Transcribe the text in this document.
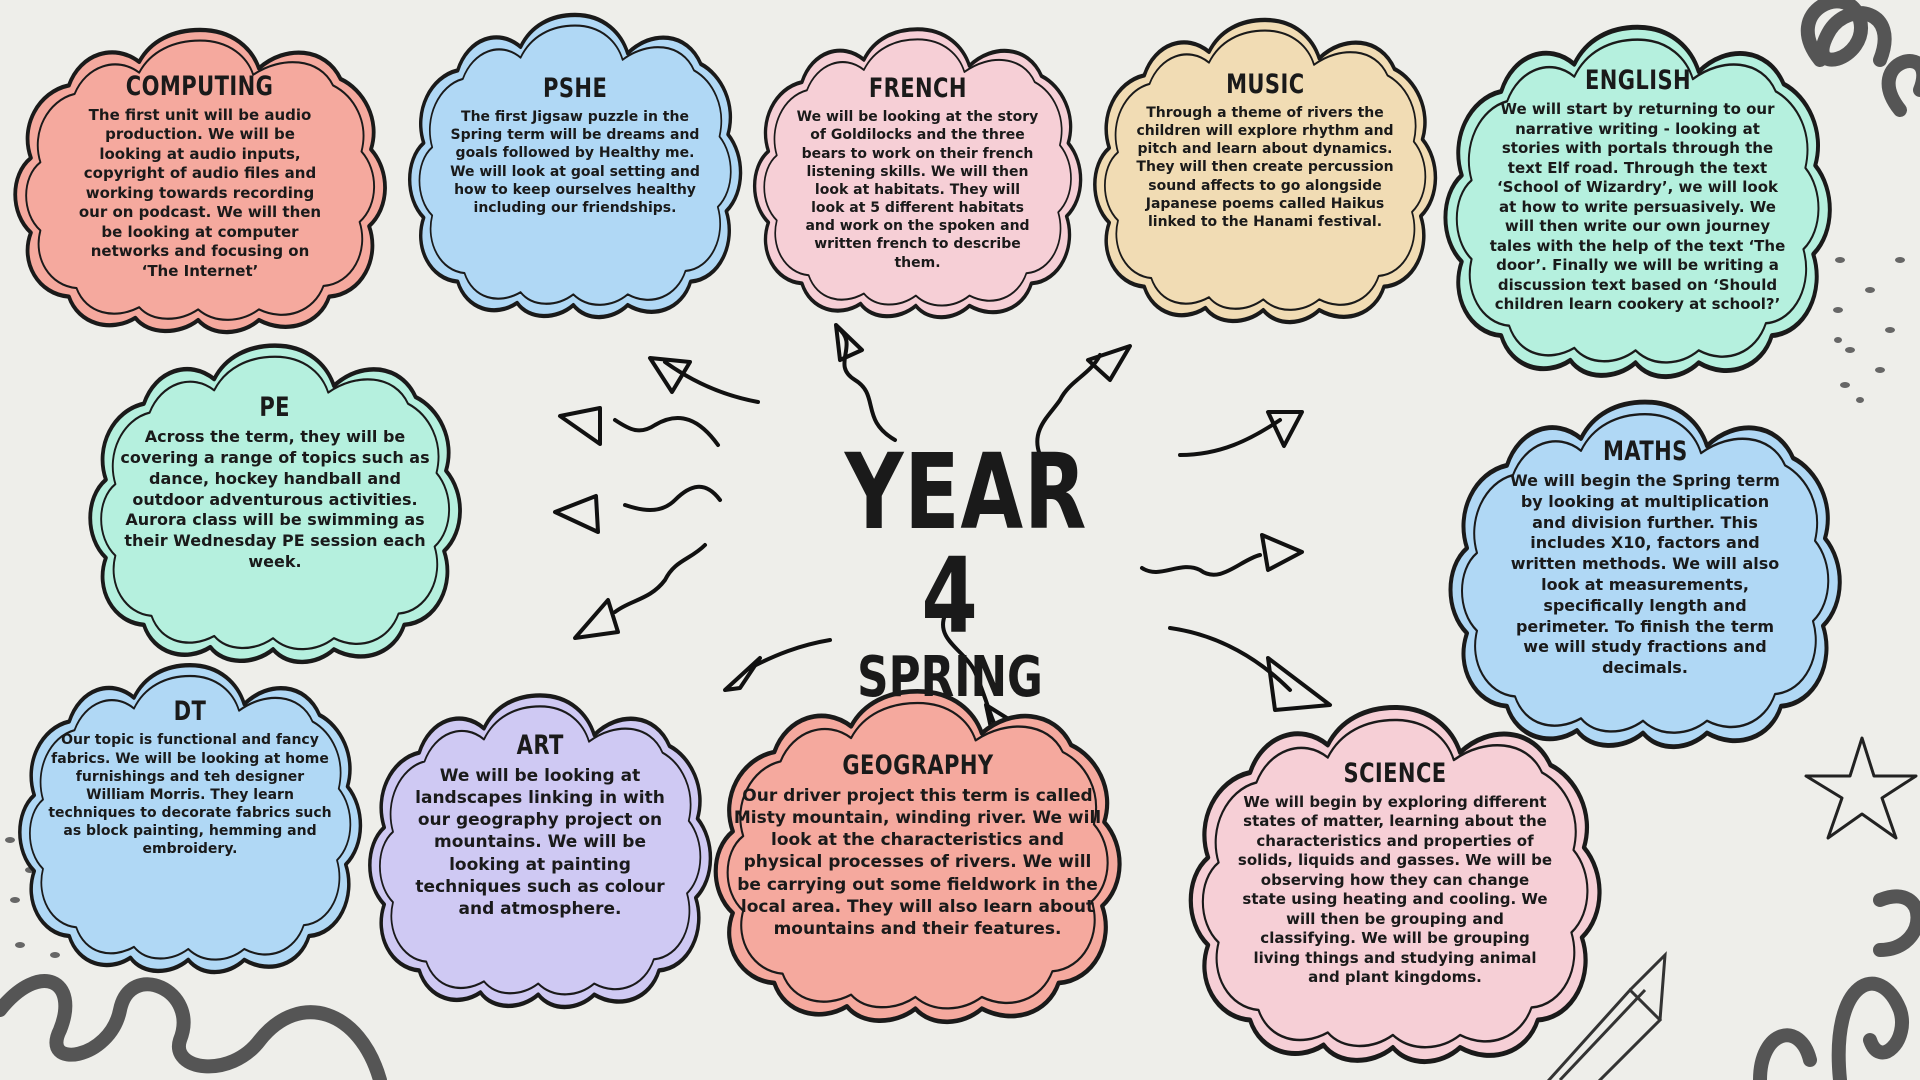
COMPUTING

The first unit will be audio production. We will be looking at audio inputs, copyright of audio files and working towards recording our on podcast. We will then be looking at computer networks and focusing on ‘The Internet’

PSHE

The first Jigsaw puzzle in the Spring term will be dreams and goals followed by Healthy me. We will look at goal setting and how to keep ourselves healthy including our friendships.

FRENCH

We will be looking at the story of Goldilocks and the three bears to work on their french listening skills. We will then look at habitats. They will look at 5 different habitats and work on the spoken and written french to describe them.

MUSIC

Through a theme of rivers the children will explore rhythm and pitch and learn about dynamics. They will then create percussion sound affects to go alongside Japanese poems called Haikus linked to the Hanami festival.

ENGLISH

We will start by returning to our narrative writing - looking at stories with portals through the text Elf road. Through the text ‘School of Wizardry’, we will look at how to write persuasively. We will then write our own journey tales with the help of the text ‘The door’. Finally we will be writing a discussion text based on ‘Should children learn cookery at school?’

PE

Across the term, they will be covering a range of topics such as dance, hockey handball and outdoor adventurous activities. Aurora class will be swimming as their Wednesday PE session each week.

MATHS

We will begin the Spring term by looking at multiplication and division further. This includes X10, factors and written methods. We will also look at measurements, specifically length and perimeter. To finish the term we will study fractions and decimals.

DT

Our topic is functional and fancy fabrics. We will be looking at home furnishings and teh designer William Morris. They learn techniques to decorate fabrics such as block painting, hemming and embroidery.

ART

We will be looking at landscapes linking in with our geography project on mountains. We will be looking at painting techniques such as colour and atmosphere.

GEOGRAPHY

Our driver project this term is called Misty mountain, winding river. We will look at the characteristics and physical processes of rivers. We will be carrying out some fieldwork in the local area. They will also learn about mountains and their features.

SCIENCE

We will begin by exploring different states of matter, learning about the characteristics and properties of solids, liquids and gasses. We will be observing how they can change state using heating and cooling. We will then be grouping and classifying. We will be grouping living things and studying animal and plant kingdoms.

YEAR 4
SPRING
